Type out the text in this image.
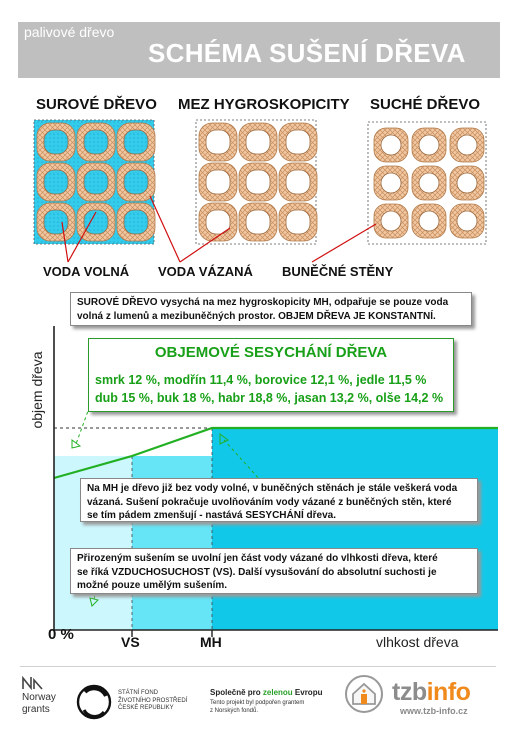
palivové dřevo
SCHÉMA SUŠENÍ DŘEVA
SUROVÉ DŘEVO MEZ HYGROSKOPICITY SUCHÉ DŘEVO
VODA VOLNÁ VODA VÁZANÁ BUNĚČNÉ STĚNY
objem dřeva
0 %	VS	MH	vlhkost dřeva
SUROVÉ DŘEVO vysychá na mez hygroskopicity MH, odpařuje se pouze voda
volná z lumenů a mezibuněčných prostor. OBJEM DŘEVA JE KONSTANTNÍ.
OBJEMOVÉ SESYCHÁNÍ DŘEVA
smrk 12 %, modřín 11,4 %, borovice 12,1 %, jedle 11,5 %
dub 15 %, buk 18 %, habr 18,8 %, jasan 13,2 %, olše 14,2 %
Na MH je dřevo již bez vody volné, v buněčných stěnách je stále veškerá voda
vázaná. Sušení pokračuje uvolňováním vody vázané z buněčných stěn, které
se tím pádem zmenšují - nastává SESYCHÁNÍ dřeva.
Přirozeným sušením se uvolní jen část vody vázané do vlhkosti dřeva, které
se říká VZDUCHOSUCHOST (VS). Další vysušování do absolutní suchosti je
možné pouze umělým sušením.
Norway
grants
STÁTNÍ FOND
ŽIVOTNÍHO PROSTŘEDÍ
ČESKÉ REPUBLIKY
Společně pro zelenou Evropu
Tento projekt byl podpořen grantem
z Norských fondů.
tzbinfo
www.tzb-info.cz
